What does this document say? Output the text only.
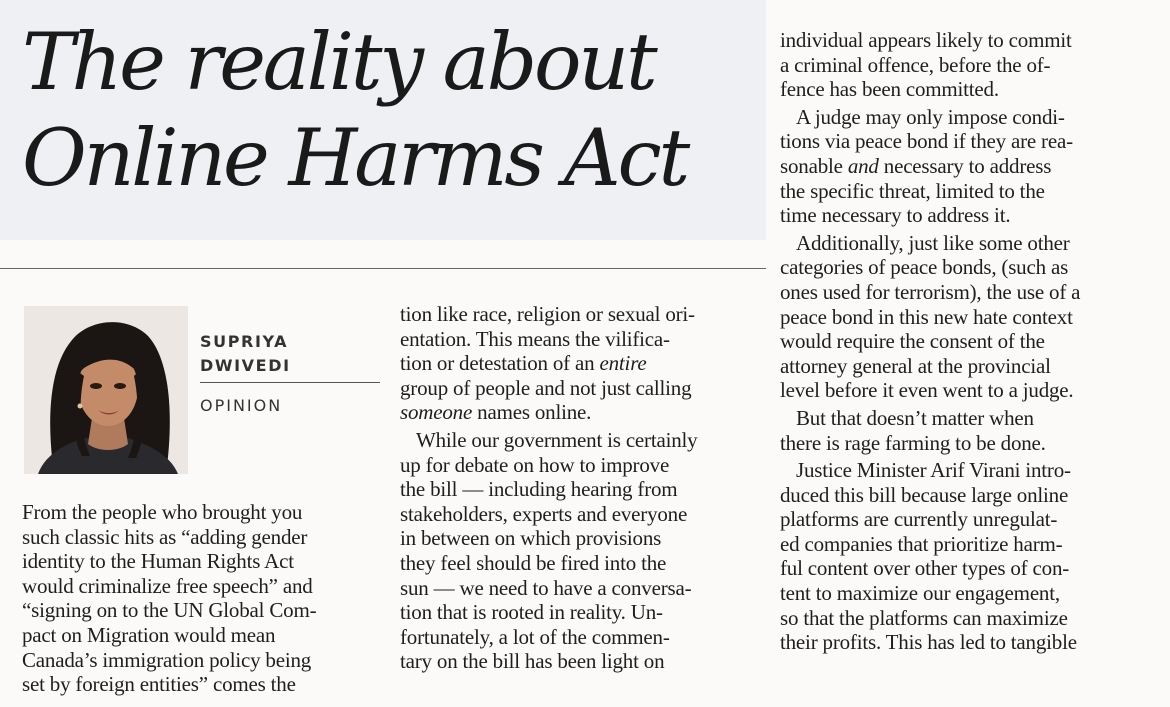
The reality about
Online Harms Act
SUPRIYA
DWIVEDI
OPINION

From the people who brought you
such classic hits as “adding gender
identity to the Human Rights Act
would criminalize free speech” and
“signing on to the UN Global Com-
pact on Migration would mean
Canada’s immigration policy being
set by foreign entities” comes the

tion like race, religion or sexual ori-
entation. This means the vilifica-
tion or detestation of an entire
group of people and not just calling
someone names online.

While our government is certainly
up for debate on how to improve
the bill — including hearing from
stakeholders, experts and everyone
in between on which provisions
they feel should be fired into the
sun — we need to have a conversa-
tion that is rooted in reality. Un-
fortunately, a lot of the commen-
tary on the bill has been light on

individual appears likely to commit
a criminal offence, before the of-
fence has been committed.

A judge may only impose condi-
tions via peace bond if they are rea-
sonable and necessary to address
the specific threat, limited to the
time necessary to address it.

Additionally, just like some other
categories of peace bonds, (such as
ones used for terrorism), the use of a
peace bond in this new hate context
would require the consent of the
attorney general at the provincial
level before it even went to a judge.

But that doesn’t matter when
there is rage farming to be done.

Justice Minister Arif Virani intro-
duced this bill because large online
platforms are currently unregulat-
ed companies that prioritize harm-
ful content over other types of con-
tent to maximize our engagement,
so that the platforms can maximize
their profits. This has led to tangible
